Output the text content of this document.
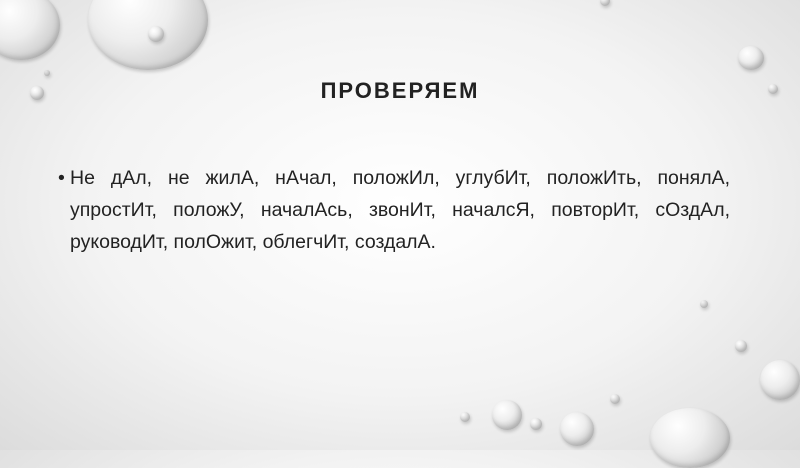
ПРОВЕРЯЕМ
• Не дАл, не жилА, нАчал, положИл, углубИт, положИть, понялА, упростИт, положУ, началАсь, звонИт, началсЯ, повторИт, сОздАл, руководИт, полОжит, облегчИт, создалА.
